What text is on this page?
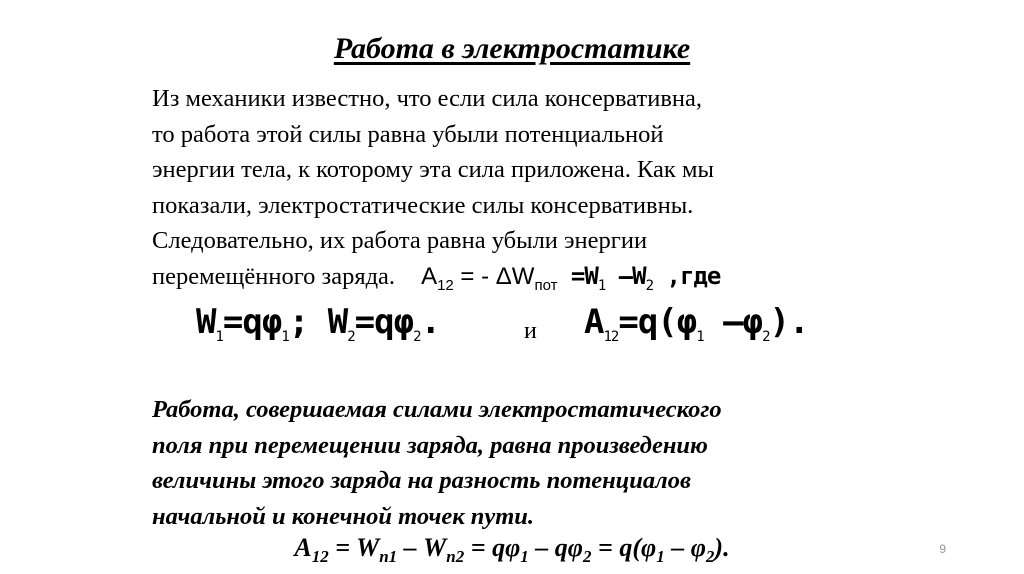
Работа в электростатике
Из механики известно, что если сила консервативна,
то работа этой силы равна убыли потенциальной
энергии тела, к которому эта сила приложена. Как мы
показали, электростатические силы консервативны.
Следовательно, их работа равна убыли энергии
перемещённого заряда. $A_{12}$ = - $\Delta W_{пот} =W_1$ $-W_2$ ,где
$W_1=q\varphi_1$; $W_2=q\varphi_2$.	и $A_{12}=q(\varphi_1$ $-\varphi_2$).
Работа, совершаемая силами электростатического
поля при перемещении заряда, равна произведению
величины этого заряда на разность потенциалов
начальной и конечной точек пути.
$A_{12} = W_{п1} - W_{п2} = q\varphi_1 - q\varphi_2 = q(\varphi_1 - \varphi_2)$.	9
